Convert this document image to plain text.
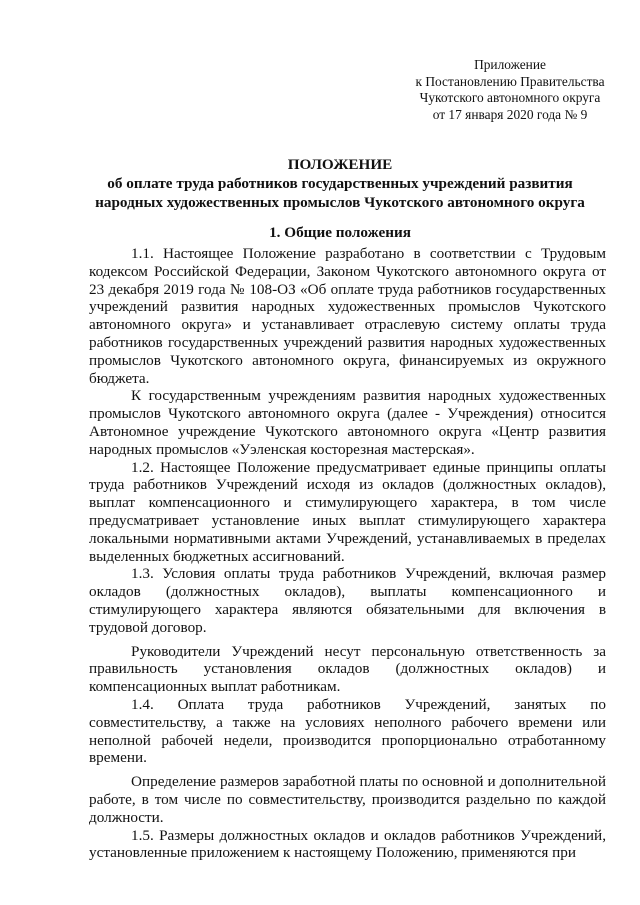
Приложение
к Постановлению Правительства
Чукотского автономного округа
от 17 января 2020 года № 9
ПОЛОЖЕНИЕ
об оплате труда работников государственных учреждений развития
народных художественных промыслов Чукотского автономного округа
1. Общие положения

1.1. Настоящее Положение разработано в соответствии с Трудовым кодексом Российской Федерации, Законом Чукотского автономного округа от 23 декабря 2019 года № 108-ОЗ «Об оплате труда работников государственных учреждений развития народных художественных промыслов Чукотского автономного округа» и устанавливает отраслевую систему оплаты труда работников государственных учреждений развития народных художественных промыслов Чукотского автономного округа, финансируемых из окружного бюджета.

К государственным учреждениям развития народных художественных промыслов Чукотского автономного округа (далее - Учреждения) относится Автономное учреждение Чукотского автономного округа «Центр развития народных промыслов «Уэленская косторезная мастерская».

1.2. Настоящее Положение предусматривает единые принципы оплаты труда работников Учреждений исходя из окладов (должностных окладов), выплат компенсационного и стимулирующего характера, в том числе предусматривает установление иных выплат стимулирующего характера локальными нормативными актами Учреждений, устанавливаемых в пределах выделенных бюджетных ассигнований.

1.3. Условия оплаты труда работников Учреждений, включая размер окладов (должностных окладов), выплаты компенсационного и стимулирующего характера являются обязательными для включения в трудовой договор.

Руководители Учреждений несут персональную ответственность за правильность установления окладов (должностных окладов) и компенсационных выплат работникам.

1.4. Оплата труда работников Учреждений, занятых по совместительству, а также на условиях неполного рабочего времени или неполной рабочей недели, производится пропорционально отработанному времени.

Определение размеров заработной платы по основной и дополнительной работе, в том числе по совместительству, производится раздельно по каждой должности.

1.5. Размеры должностных окладов и окладов работников Учреждений, установленные приложением к настоящему Положению, применяются при
